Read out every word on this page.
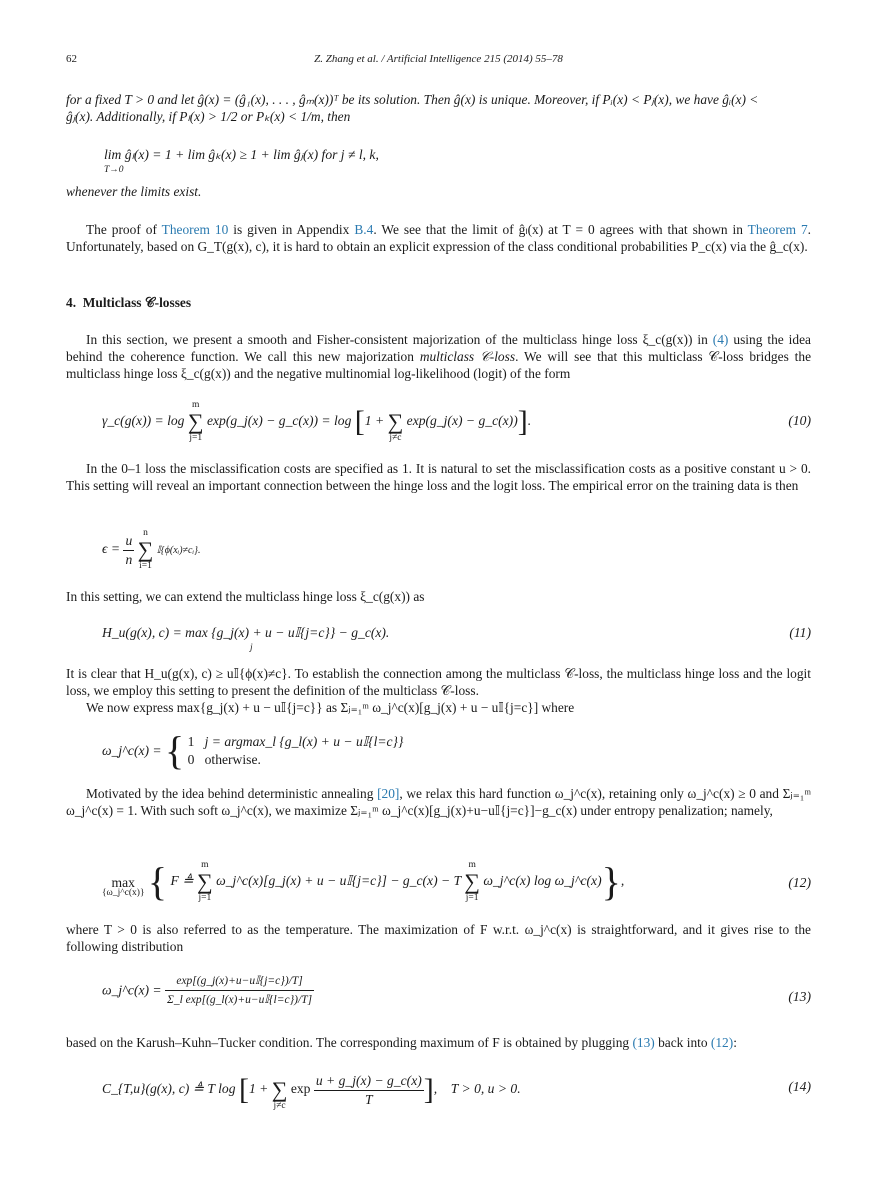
62	Z. Zhang et al. / Artificial Intelligence 215 (2014) 55–78
for a fixed T > 0 and let ĝ(x) = (ĝ₁(x), . . . , ĝₘ(x))ᵀ be its solution. Then ĝ(x) is unique. Moreover, if Pᵢ(x) < Pⱼ(x), we have ĝᵢ(x) <
ĝⱼ(x). Additionally, if Pₗ(x) > 1/2 or Pₖ(x) < 1/m, then
lim ĝₗ(x) = 1 + lim ĝₖ(x) ≥ 1 + lim ĝⱼ(x) for j ≠ l, k,
T→0
whenever the limits exist.
The proof of Theorem 10 is given in Appendix B.4. We see that the limit of ĝₗ(x) at T = 0 agrees with that shown in Theorem 7. Unfortunately, based on G_T(g(x), c), it is hard to obtain an explicit expression of the class conditional probabilities P_c(x) via the ĝ_c(x).
4. Multiclass 𝒞-losses
In this section, we present a smooth and Fisher-consistent majorization of the multiclass hinge loss ξ_c(g(x)) in (4) using the idea behind the coherence function. We call this new majorization multiclass 𝒞-loss. We will see that this multiclass 𝒞-loss bridges the multiclass hinge loss ξ_c(g(x)) and the negative multinomial log-likelihood (logit) of the form
γ_c(g(x)) = log
m
∑
j=1
exp(g_j(x) − g_c(x)) = log [1 +
∑
j≠c
exp(g_j(x) − g_c(x))].	(10)
In the 0–1 loss the misclassification costs are specified as 1. It is natural to set the misclassification costs as a positive constant u > 0. This setting will reveal an important connection between the hinge loss and the logit loss. The empirical error on the training data is then
$\epsilon = \frac{u}{n}$
n
∑
i=1
𝕀{ϕ(xᵢ)≠cᵢ}.
In this setting, we can extend the multiclass hinge loss ξ_c(g(x)) as
H_u(g(x), c) = max {g_j(x) + u − u𝕀{j=c}} − g_c(x).
j
(11)
It is clear that H_u(g(x), c) ≥ u𝕀{ϕ(x)≠c}. To establish the connection among the multiclass 𝒞-loss, the multiclass hinge loss and the logit loss, we employ this setting to present the definition of the multiclass 𝒞-loss.
We now express max{g_j(x) + u − u𝕀{j=c}} as Σⱼ₌₁ᵐ ω_j^c(x)[g_j(x) + u − u𝕀{j=c}] where
ω_j^c(x) = { 1 j = argmax_l {g_l(x) + u − u𝕀{l=c}}
0 otherwise.
Motivated by the idea behind deterministic annealing [20], we relax this hard function ω_j^c(x), retaining only ω_j^c(x) ≥ 0 and Σⱼ₌₁ᵐ ω_j^c(x) = 1. With such soft ω_j^c(x), we maximize Σⱼ₌₁ᵐ ω_j^c(x)[g_j(x)+u−u𝕀{j=c}]−g_c(x) under entropy penalization; namely,

max
{ω_j^c(x)} { F ≜
m
∑
j=1
ω_j^c(x)[g_j(x) + u − u𝕀{j=c}] − g_c(x) − T
m
∑
j=1
ω_j^c(x) log ω_j^c(x)},	(12)
where T > 0 is also referred to as the temperature. The maximization of F w.r.t. ω_j^c(x) is straightforward, and it gives rise to the following distribution
ω_j^c(x) = $\frac{\text{exp[(g\_j(x)+u−u𝕀\{j=c\})/T]}}{\text{Σ\_l exp[(g\_l(x)+u−u𝕀\{l=c\})/T]}}$	(13)
based on the Karush–Kuhn–Tucker condition. The corresponding maximum of F is obtained by plugging (13) back into (12):
C_{T,u}(g(x), c) ≜ T log [1 +
∑
j≠c
$\exp \frac{u + g\_j(x) - g\_c(x)}{T}$ ],    T > 0, u > 0.	(14)
